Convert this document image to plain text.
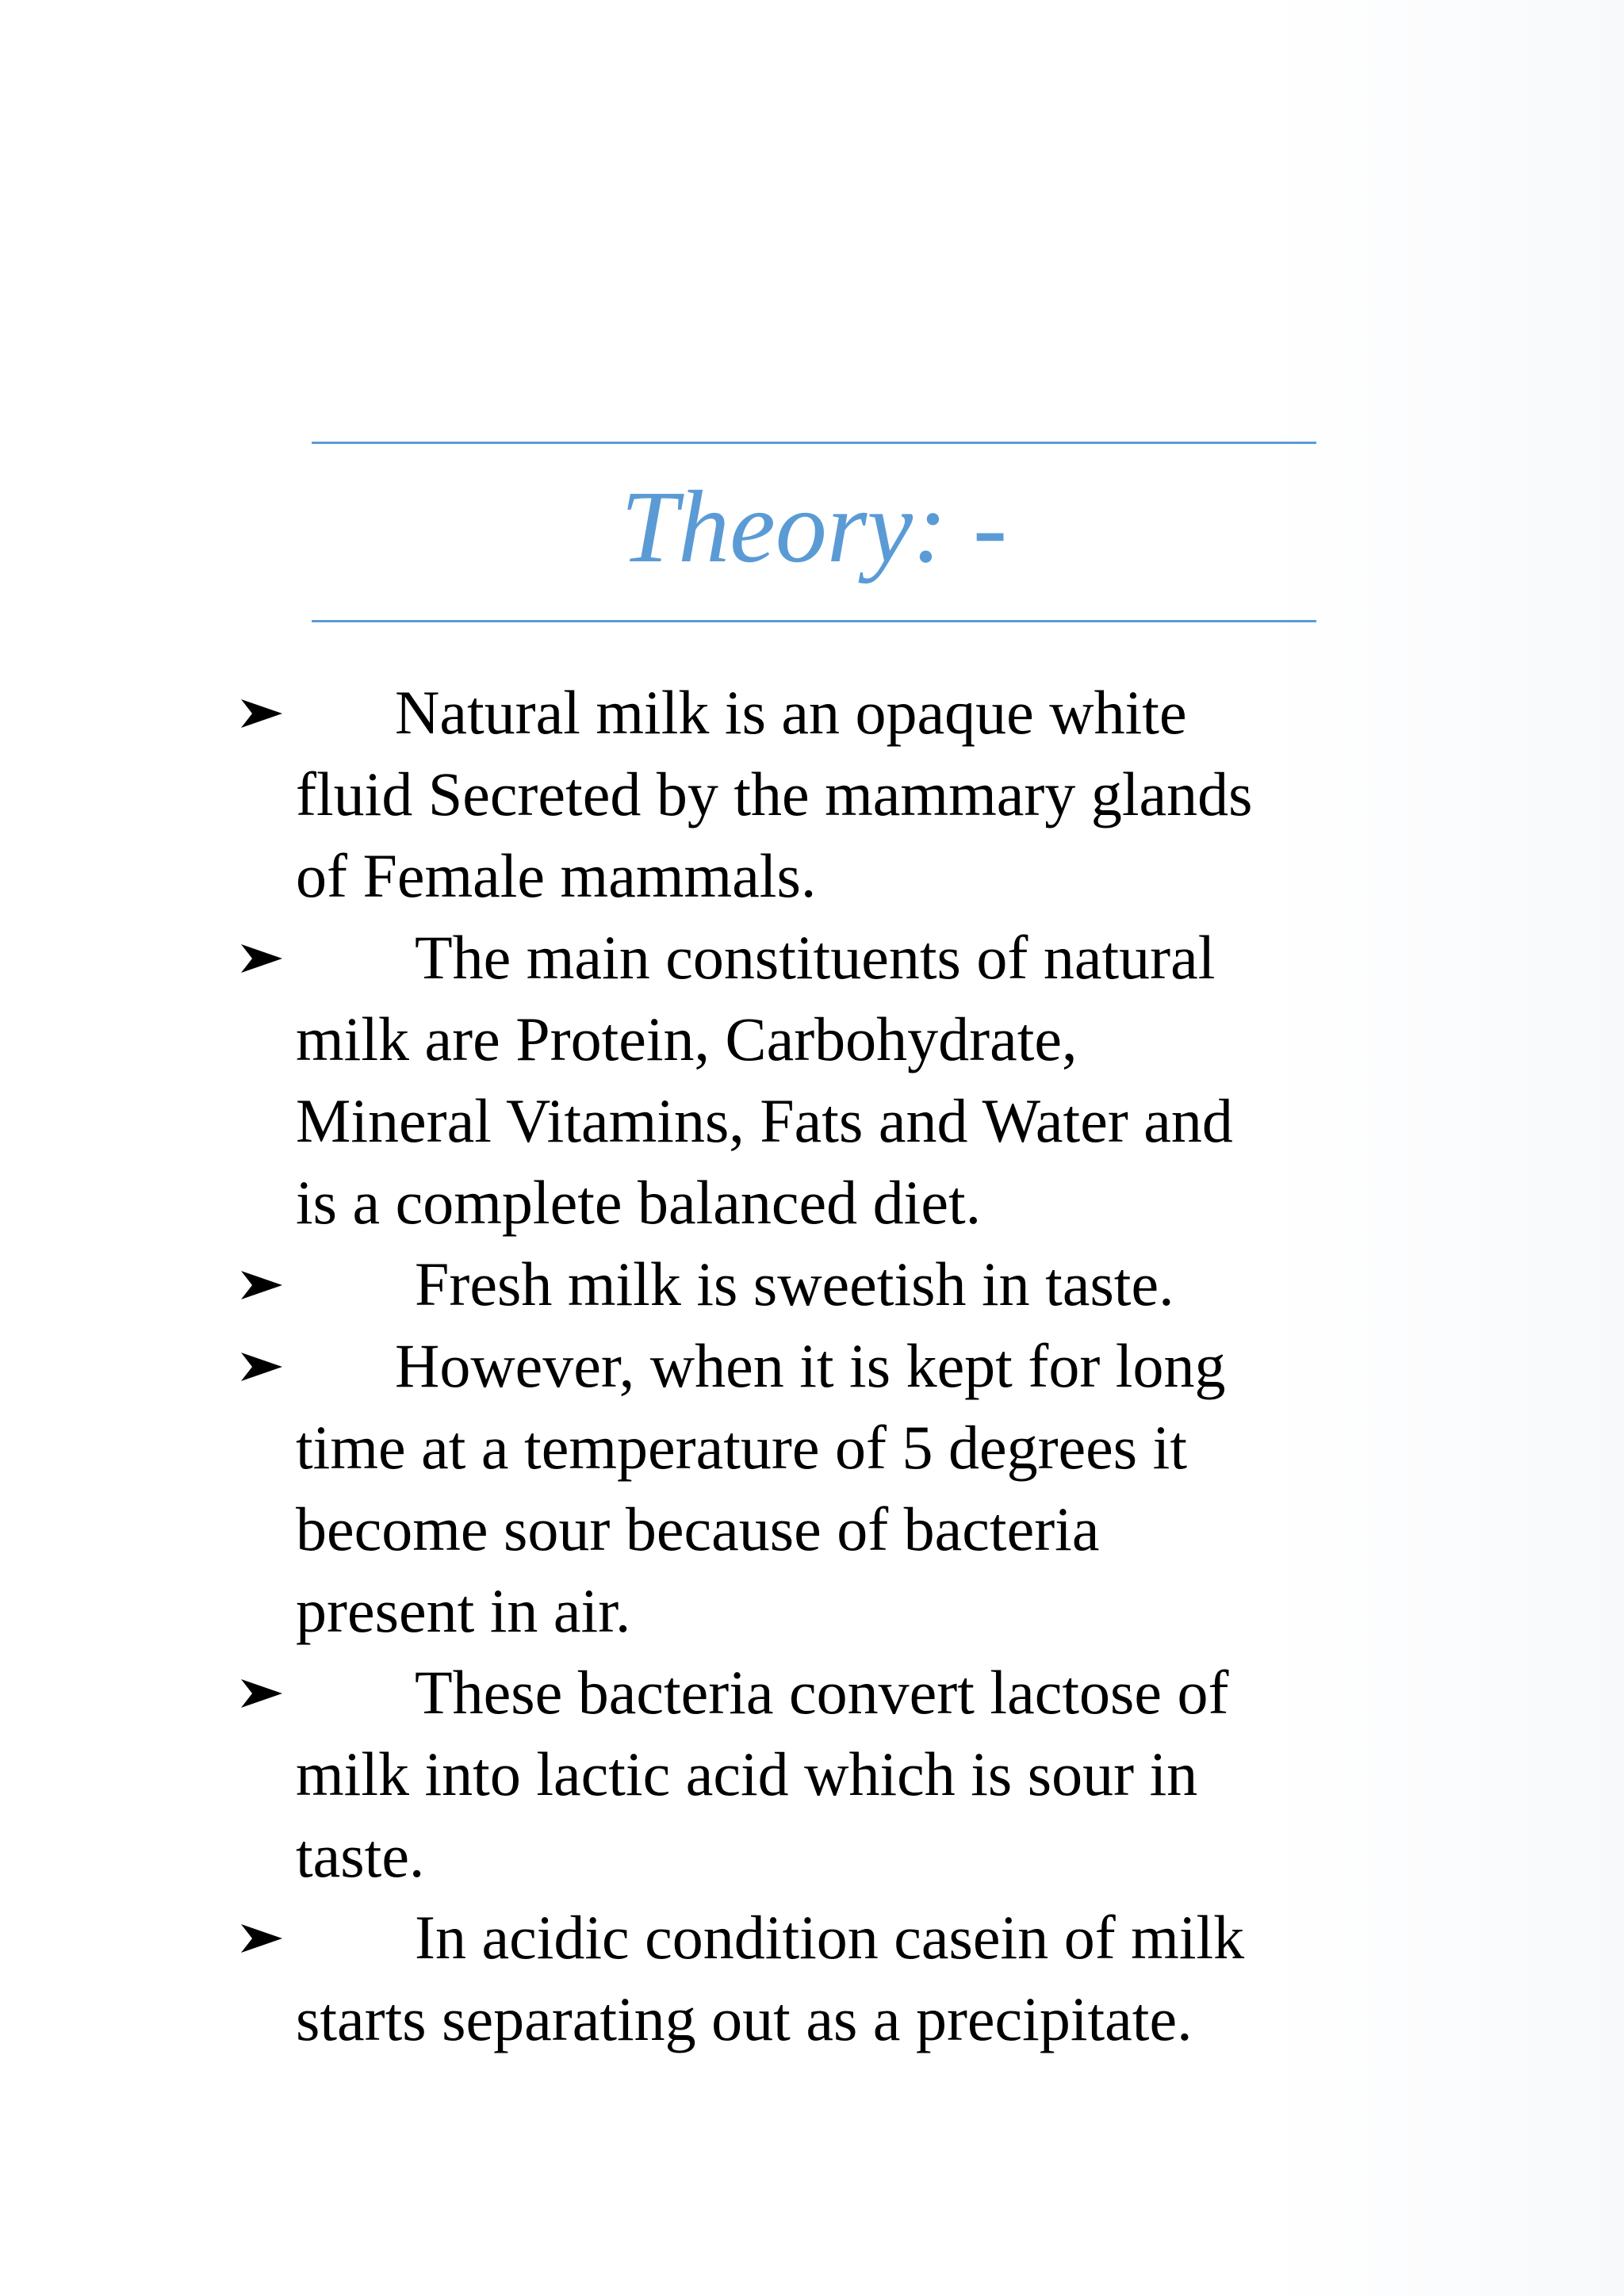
Theory: -
Natural milk is an opaque white
fluid Secreted by the mammary glands
of Female mammals.
The main constituents of natural
milk are Protein, Carbohydrate,
Mineral Vitamins, Fats and Water and
is a complete balanced diet.
Fresh milk is sweetish in taste.
However, when it is kept for long
time at a temperature of 5 degrees it
become sour because of bacteria
present in air.
These bacteria convert lactose of
milk into lactic acid which is sour in
taste.
In acidic condition casein of milk
starts separating out as a precipitate.
